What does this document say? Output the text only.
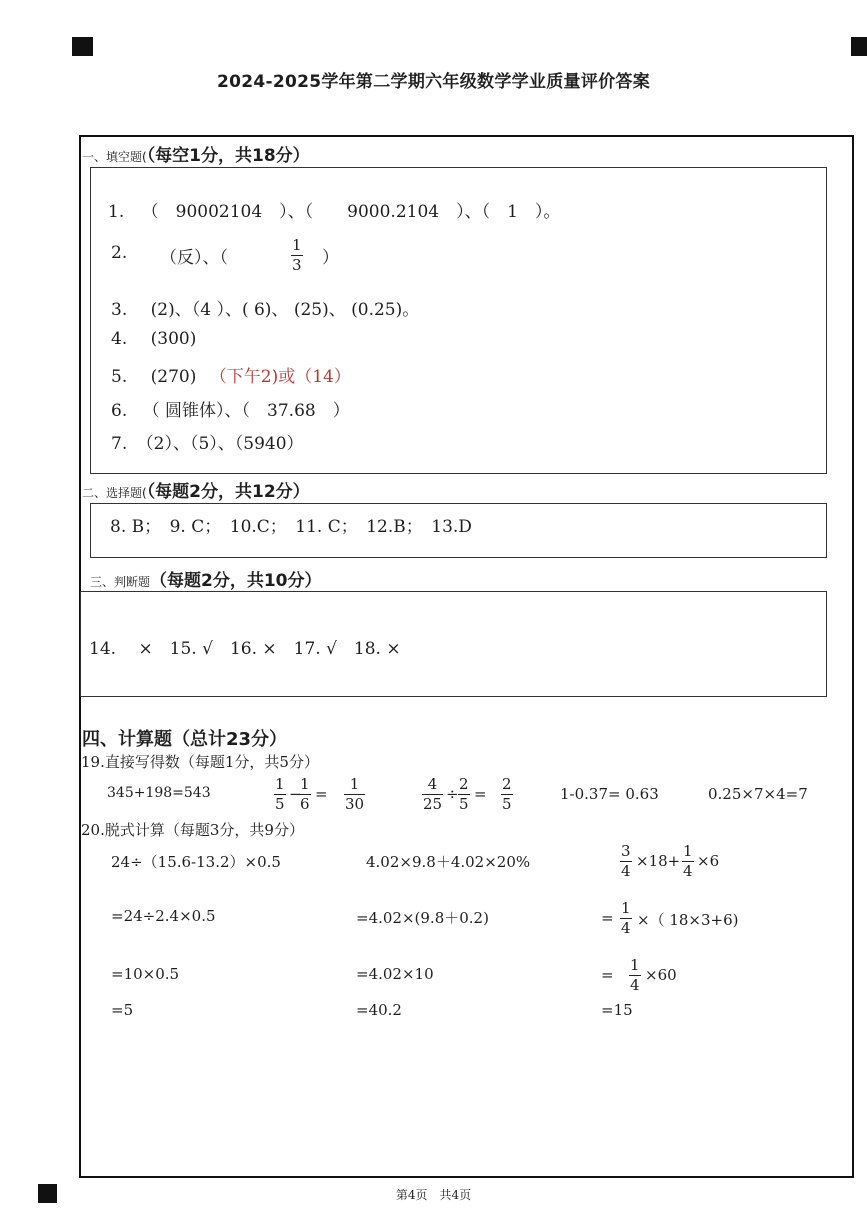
2024-2025学年第二学期六年级数学学业质量评价答案
一、填空题(（每空1分，共18分）
1. （　90002104　）、（　　9000.2104　）、（　1　）。
2. （反）、（
1
3 ）
3. (2)、（4 ）、( 6)、 (25)、 (0.25)。
4. (300)
5. (270) （下午2)或（14）
6. （ 圆锥体）、（　37.68　）
7. （2）、（5）、（5940）
二、选择题(（每题2分，共12分）
8. B；　9. C；　10.C；　11. C；　12.B；　13.D
三、判断题（每题2分，共10分）
14.　 ×　15. √　16. ×　17. √　18. ×
四、计算题（总计23分）
19.直接写得数（每题1分，共5分）
345+198=543	1
5
−
1
6
=
1
30
4
25
÷
2
5
=
2
5
1-0.37= 0.63	0.25×7×4=7
20.脱式计算（每题3分，共9分）
24÷（15.6-13.2）×0.5
=24÷2.4×0.5
=10×0.5
=5
4.02×9.8＋4.02×20%
=4.02×(9.8＋0.2)
=4.02×10
=40.2
3
4
×18+
1
4
×6
=
1
4 ×（ 18×3+6)
=
1
4
×60
=15
第4页　共4页
